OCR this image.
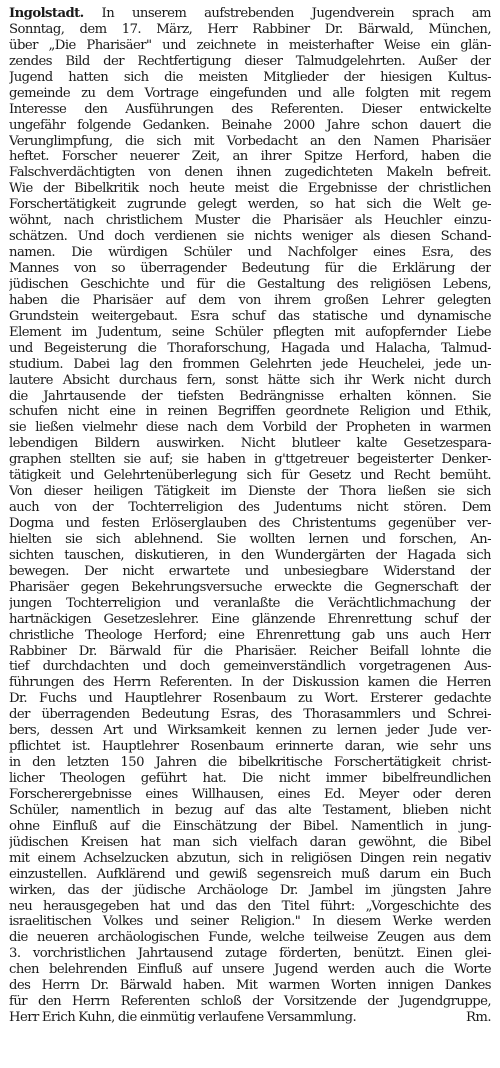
Ingolstadt. In unserem aufstrebenden Jugendverein sprach am
Sonntag, dem 17. März, Herr Rabbiner Dr. Bärwald, München,
über „Die Pharisäer" und zeichnete in meisterhafter Weise ein glän-
zendes Bild der Rechtfertigung dieser Talmudgelehrten. Außer der
Jugend hatten sich die meisten Mitglieder der hiesigen Kultus-
gemeinde zu dem Vortrage eingefunden und alle folgten mit regem
Interesse den Ausführungen des Referenten. Dieser entwickelte
ungefähr folgende Gedanken. Beinahe 2000 Jahre schon dauert die
Verunglimpfung, die sich mit Vorbedacht an den Namen Pharisäer
heftet. Forscher neuerer Zeit, an ihrer Spitze Herford, haben die
Falschverdächtigten von denen ihnen zugedichteten Makeln befreit.
Wie der Bibelkritik noch heute meist die Ergebnisse der christlichen
Forschertätigkeit zugrunde gelegt werden, so hat sich die Welt ge-
wöhnt, nach christlichem Muster die Pharisäer als Heuchler einzu-
schätzen. Und doch verdienen sie nichts weniger als diesen Schand-
namen. Die würdigen Schüler und Nachfolger eines Esra, des
Mannes von so überragender Bedeutung für die Erklärung der
jüdischen Geschichte und für die Gestaltung des religiösen Lebens,
haben die Pharisäer auf dem von ihrem großen Lehrer gelegten
Grundstein weitergebaut. Esra schuf das statische und dynamische
Element im Judentum, seine Schüler pflegten mit aufopfernder Liebe
und Begeisterung die Thoraforschung, Hagada und Halacha, Talmud-
studium. Dabei lag den frommen Gelehrten jede Heuchelei, jede un-
lautere Absicht durchaus fern, sonst hätte sich ihr Werk nicht durch
die Jahrtausende der tiefsten Bedrängnisse erhalten können. Sie
schufen nicht eine in reinen Begriffen geordnete Religion und Ethik,
sie ließen vielmehr diese nach dem Vorbild der Propheten in warmen
lebendigen Bildern auswirken. Nicht blutleer kalte Gesetzespara-
graphen stellten sie auf; sie haben in g'ttgetreuer begeisterter Denker-
tätigkeit und Gelehrtenüberlegung sich für Gesetz und Recht bemüht.
Von dieser heiligen Tätigkeit im Dienste der Thora ließen sie sich
auch von der Tochterreligion des Judentums nicht stören. Dem
Dogma und festen Erlöserglauben des Christentums gegenüber ver-
hielten sie sich ablehnend. Sie wollten lernen und forschen, An-
sichten tauschen, diskutieren, in den Wundergärten der Hagada sich
bewegen. Der nicht erwartete und unbesiegbare Widerstand der
Pharisäer gegen Bekehrungsversuche erweckte die Gegnerschaft der
jungen Tochterreligion und veranlaßte die Verächtlichmachung der
hartnäckigen Gesetzeslehrer. Eine glänzende Ehrenrettung schuf der
christliche Theologe Herford; eine Ehrenrettung gab uns auch Herr
Rabbiner Dr. Bärwald für die Pharisäer. Reicher Beifall lohnte die
tief durchdachten und doch gemeinverständlich vorgetragenen Aus-
führungen des Herrn Referenten. In der Diskussion kamen die Herren
Dr. Fuchs und Hauptlehrer Rosenbaum zu Wort. Ersterer gedachte
der überragenden Bedeutung Esras, des Thorasammlers und Schrei-
bers, dessen Art und Wirksamkeit kennen zu lernen jeder Jude ver-
pflichtet ist. Hauptlehrer Rosenbaum erinnerte daran, wie sehr uns
in den letzten 150 Jahren die bibelkritische Forschertätigkeit christ-
licher Theologen geführt hat. Die nicht immer bibelfreundlichen
Forscherergebnisse eines Willhausen, eines Ed. Meyer oder deren
Schüler, namentlich in bezug auf das alte Testament, blieben nicht
ohne Einfluß auf die Einschätzung der Bibel. Namentlich in jung-
jüdischen Kreisen hat man sich vielfach daran gewöhnt, die Bibel
mit einem Achselzucken abzutun, sich in religiösen Dingen rein negativ
einzustellen. Aufklärend und gewiß segensreich muß darum ein Buch
wirken, das der jüdische Archäologe Dr. Jambel im jüngsten Jahre
neu herausgegeben hat und das den Titel führt: „Vorgeschichte des
israelitischen Volkes und seiner Religion." In diesem Werke werden
die neueren archäologischen Funde, welche teilweise Zeugen aus dem
3. vorchristlichen Jahrtausend zutage förderten, benützt. Einen glei-
chen belehrenden Einfluß auf unsere Jugend werden auch die Worte
des Herrn Dr. Bärwald haben. Mit warmen Worten innigen Dankes
für den Herrn Referenten schloß der Vorsitzende der Jugendgruppe,
Herr Erich Kuhn, die einmütig verlaufene Versammlung.	Rm.
